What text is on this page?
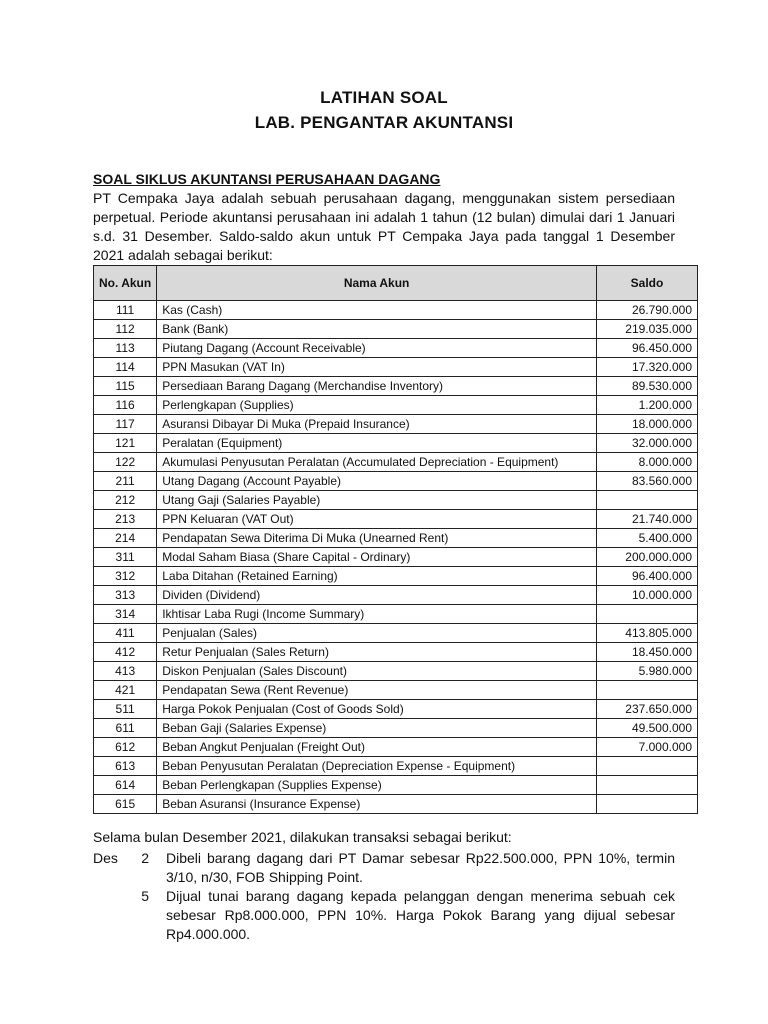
LATIHAN SOAL
LAB. PENGANTAR AKUNTANSI
SOAL SIKLUS AKUNTANSI PERUSAHAAN DAGANG
PT Cempaka Jaya adalah sebuah perusahaan dagang, menggunakan sistem persediaan perpetual. Periode akuntansi perusahaan ini adalah 1 tahun (12 bulan) dimulai dari 1 Januari s.d. 31 Desember. Saldo-saldo akun untuk PT Cempaka Jaya pada tanggal 1 Desember 2021 adalah sebagai berikut:
No. Akun	Nama Akun	Saldo
111	Kas (Cash)	26.790.000
112	Bank (Bank)	219.035.000
113	Piutang Dagang (Account Receivable)	96.450.000
114	PPN Masukan (VAT In)	17.320.000
115	Persediaan Barang Dagang (Merchandise Inventory)	89.530.000
116	Perlengkapan (Supplies)	1.200.000
117	Asuransi Dibayar Di Muka (Prepaid Insurance)	18.000.000
121	Peralatan (Equipment)	32.000.000
122	Akumulasi Penyusutan Peralatan (Accumulated Depreciation - Equipment)	8.000.000
211	Utang Dagang (Account Payable)	83.560.000
212	Utang Gaji (Salaries Payable)	
213	PPN Keluaran (VAT Out)	21.740.000
214	Pendapatan Sewa Diterima Di Muka (Unearned Rent)	5.400.000
311	Modal Saham Biasa (Share Capital - Ordinary)	200.000.000
312	Laba Ditahan (Retained Earning)	96.400.000
313	Dividen (Dividend)	10.000.000
314	Ikhtisar Laba Rugi (Income Summary)	
411	Penjualan (Sales)	413.805.000
412	Retur Penjualan (Sales Return)	18.450.000
413	Diskon Penjualan (Sales Discount)	5.980.000
421	Pendapatan Sewa (Rent Revenue)	
511	Harga Pokok Penjualan (Cost of Goods Sold)	237.650.000
611	Beban Gaji (Salaries Expense)	49.500.000
612	Beban Angkut Penjualan (Freight Out)	7.000.000
613	Beban Penyusutan Peralatan (Depreciation Expense - Equipment)	
614	Beban Perlengkapan (Supplies Expense)	
615	Beban Asuransi (Insurance Expense)	
Selama bulan Desember 2021, dilakukan transaksi sebagai berikut:
Des 2 Dibeli barang dagang dari PT Damar sebesar Rp22.500.000, PPN 10%, termin 3/10, n/30, FOB Shipping Point.
5 Dijual tunai barang dagang kepada pelanggan dengan menerima sebuah cek sebesar Rp8.000.000, PPN 10%. Harga Pokok Barang yang dijual sebesar Rp4.000.000.
